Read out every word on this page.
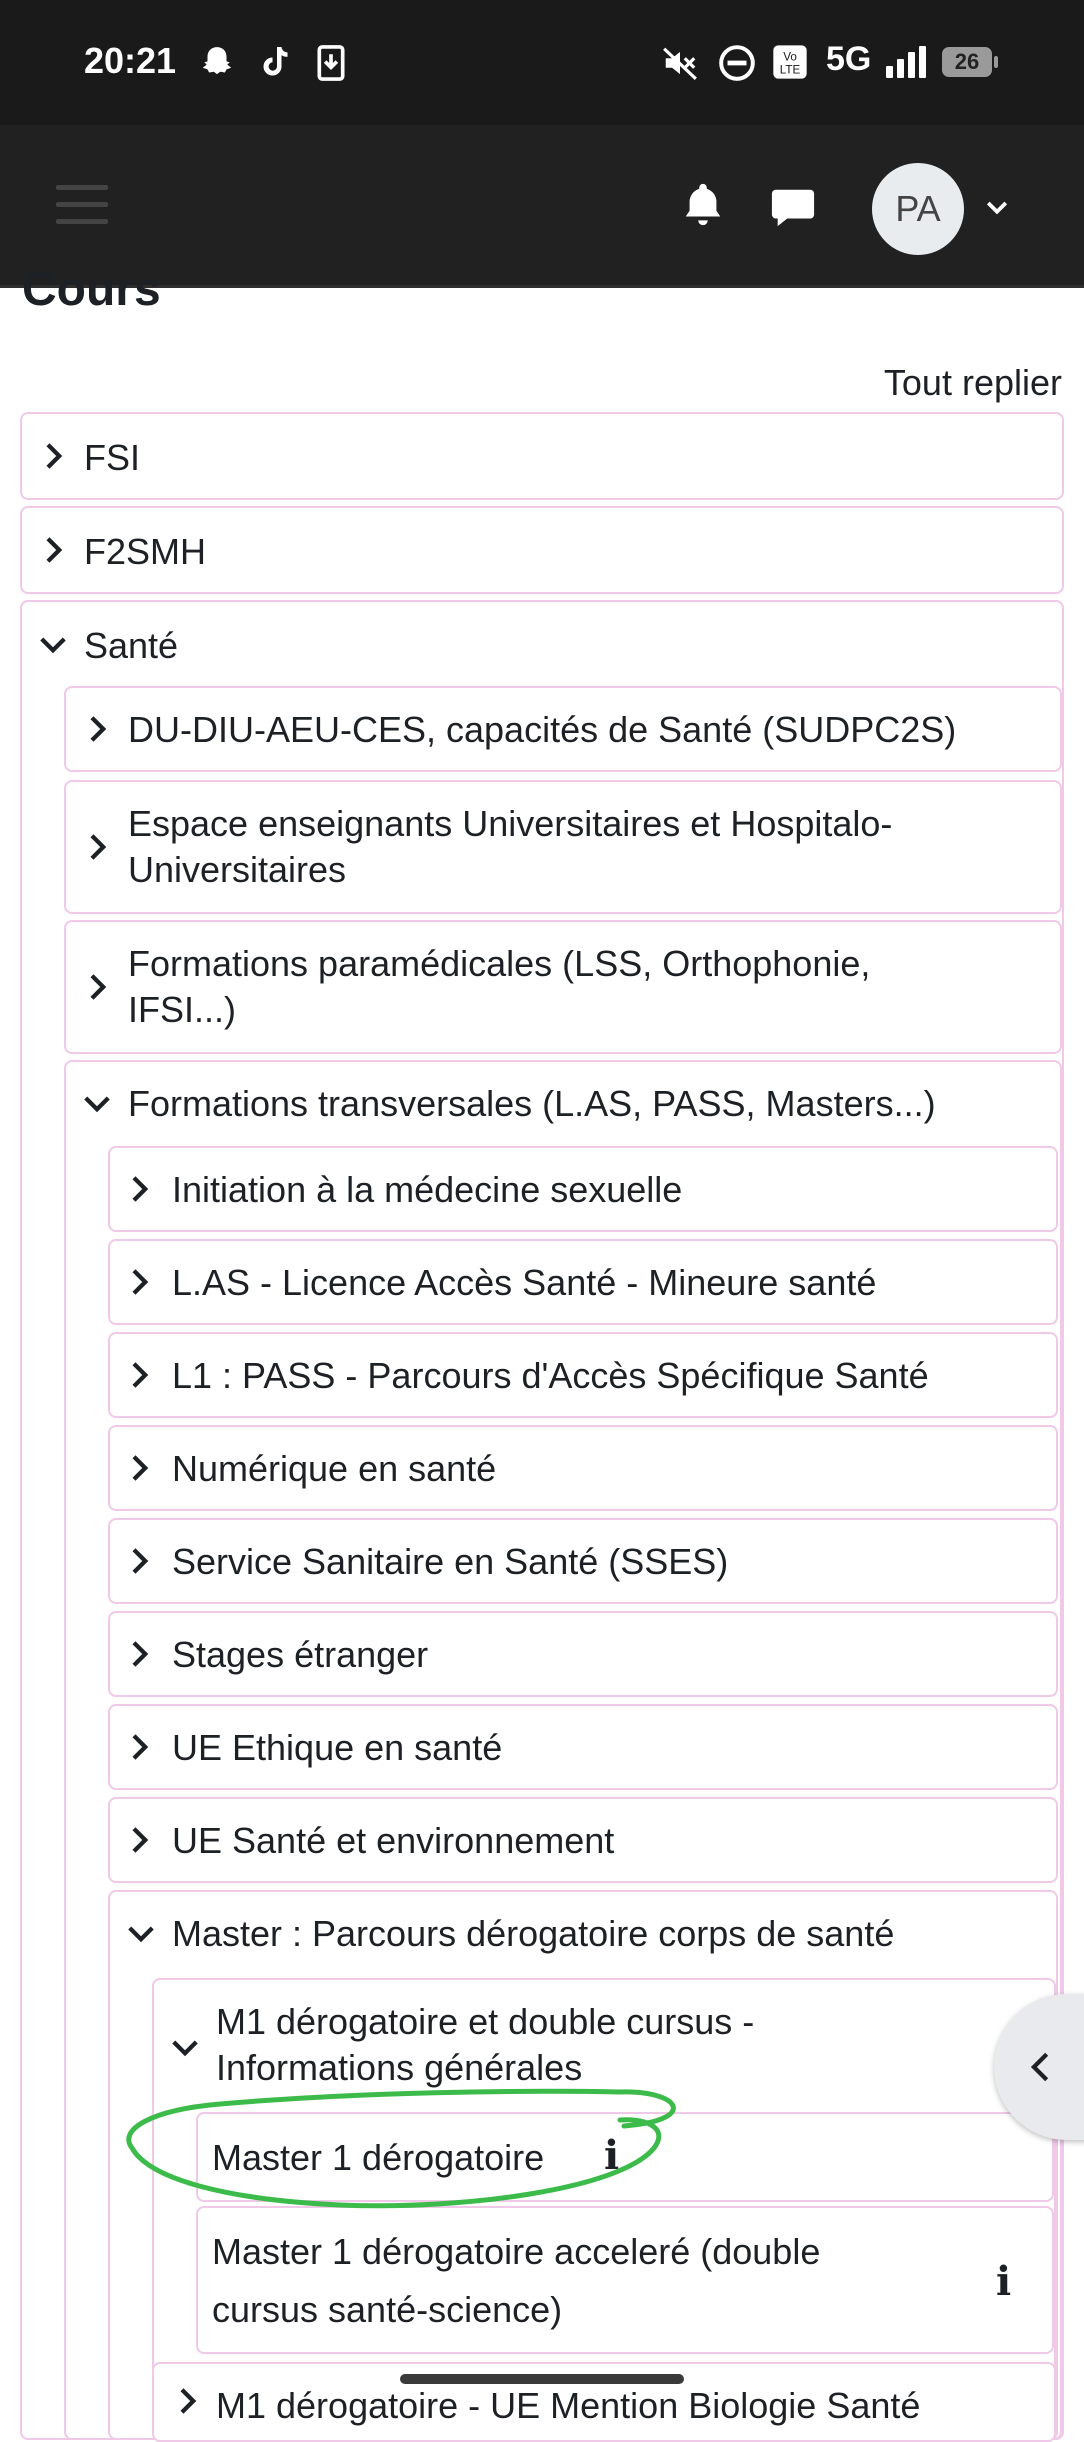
20:21	Vo
LTE 5G	26
PA
Cours
Tout replier
FSI
F2SMH
Santé
DU-DIU-AEU-CES, capacités de Santé (SUDPC2S)
Espace enseignants Universitaires et Hospitalo-
Universitaires
Formations paramédicales (LSS, Orthophonie,
IFSI...)
Formations transversales (L.AS, PASS, Masters...)
Initiation à la médecine sexuelle
L.AS - Licence Accès Santé - Mineure santé
L1 : PASS - Parcours d'Accès Spécifique Santé
Numérique en santé
Service Sanitaire en Santé (SSES)
Stages étranger
UE Ethique en santé
UE Santé et environnement
Master : Parcours dérogatoire corps de santé
M1 dérogatoire et double cursus -
Informations générales
Master 1 dérogatoire i
Master 1 dérogatoire acceleré (double
cursus santé-science)
i
M1 dérogatoire - UE Mention Biologie Santé
